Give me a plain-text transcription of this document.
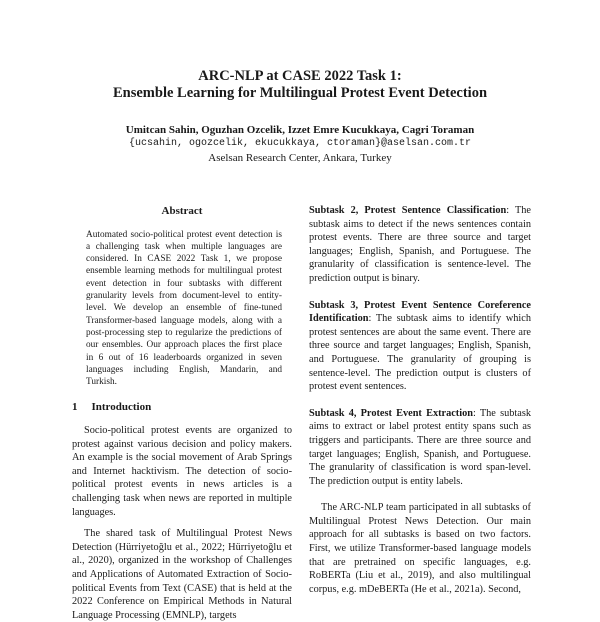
ARC-NLP at CASE 2022 Task 1:
Ensemble Learning for Multilingual Protest Event Detection
Umitcan Sahin, Oguzhan Ozcelik, Izzet Emre Kucukkaya, Cagri Toraman
{ucsahin, ogozcelik, ekucukkaya, ctoraman}@aselsan.com.tr
Aselsan Research Center, Ankara, Turkey
Abstract

Automated socio-political protest event detection is a challenging task when multiple languages are considered. In CASE 2022 Task 1, we propose ensemble learning methods for multilingual protest event detection in four subtasks with different granularity levels from document-level to entity-level. We develop an ensemble of fine-tuned Transformer-based language models, along with a post-processing step to regularize the predictions of our ensembles. Our approach places the first place in 6 out of 16 leaderboards organized in seven languages including English, Mandarin, and Turkish.

1 Introduction

Socio-political protest events are organized to protest against various decision and policy makers. An example is the social movement of Arab Springs and Internet hacktivism. The detection of socio-political protest events in news articles is a challenging task when news are reported in multiple languages.

The shared task of Multilingual Protest News Detection (Hürriyetoğlu et al., 2022; Hürriyetoğlu et al., 2020), organized in the workshop of Challenges and Applications of Automated Extraction of Socio-political Events from Text (CASE) that is held at the 2022 Conference on Empirical Methods in Natural Language Processing (EMNLP), targets

Subtask 2, Protest Sentence Classification: The subtask aims to detect if the news sentences contain protest events. There are three source and target languages; English, Spanish, and Portuguese. The granularity of classification is sentence-level. The prediction output is binary.

Subtask 3, Protest Event Sentence Coreference Identification: The subtask aims to identify which protest sentences are about the same event. There are three source and target languages; English, Spanish, and Portuguese. The granularity of grouping is sentence-level. The prediction output is clusters of protest event sentences.

Subtask 4, Protest Event Extraction: The subtask aims to extract or label protest entity spans such as triggers and participants. There are three source and target languages; English, Spanish, and Portuguese. The granularity of classification is word span-level. The prediction output is entity labels.

The ARC-NLP team participated in all subtasks of Multilingual Protest News Detection. Our main approach for all subtasks is based on two factors. First, we utilize Transformer-based language models that are pretrained on specific languages, e.g. RoBERTa (Liu et al., 2019), and also multilingual corpus, e.g. mDeBERTa (He et al., 2021a). Second,
